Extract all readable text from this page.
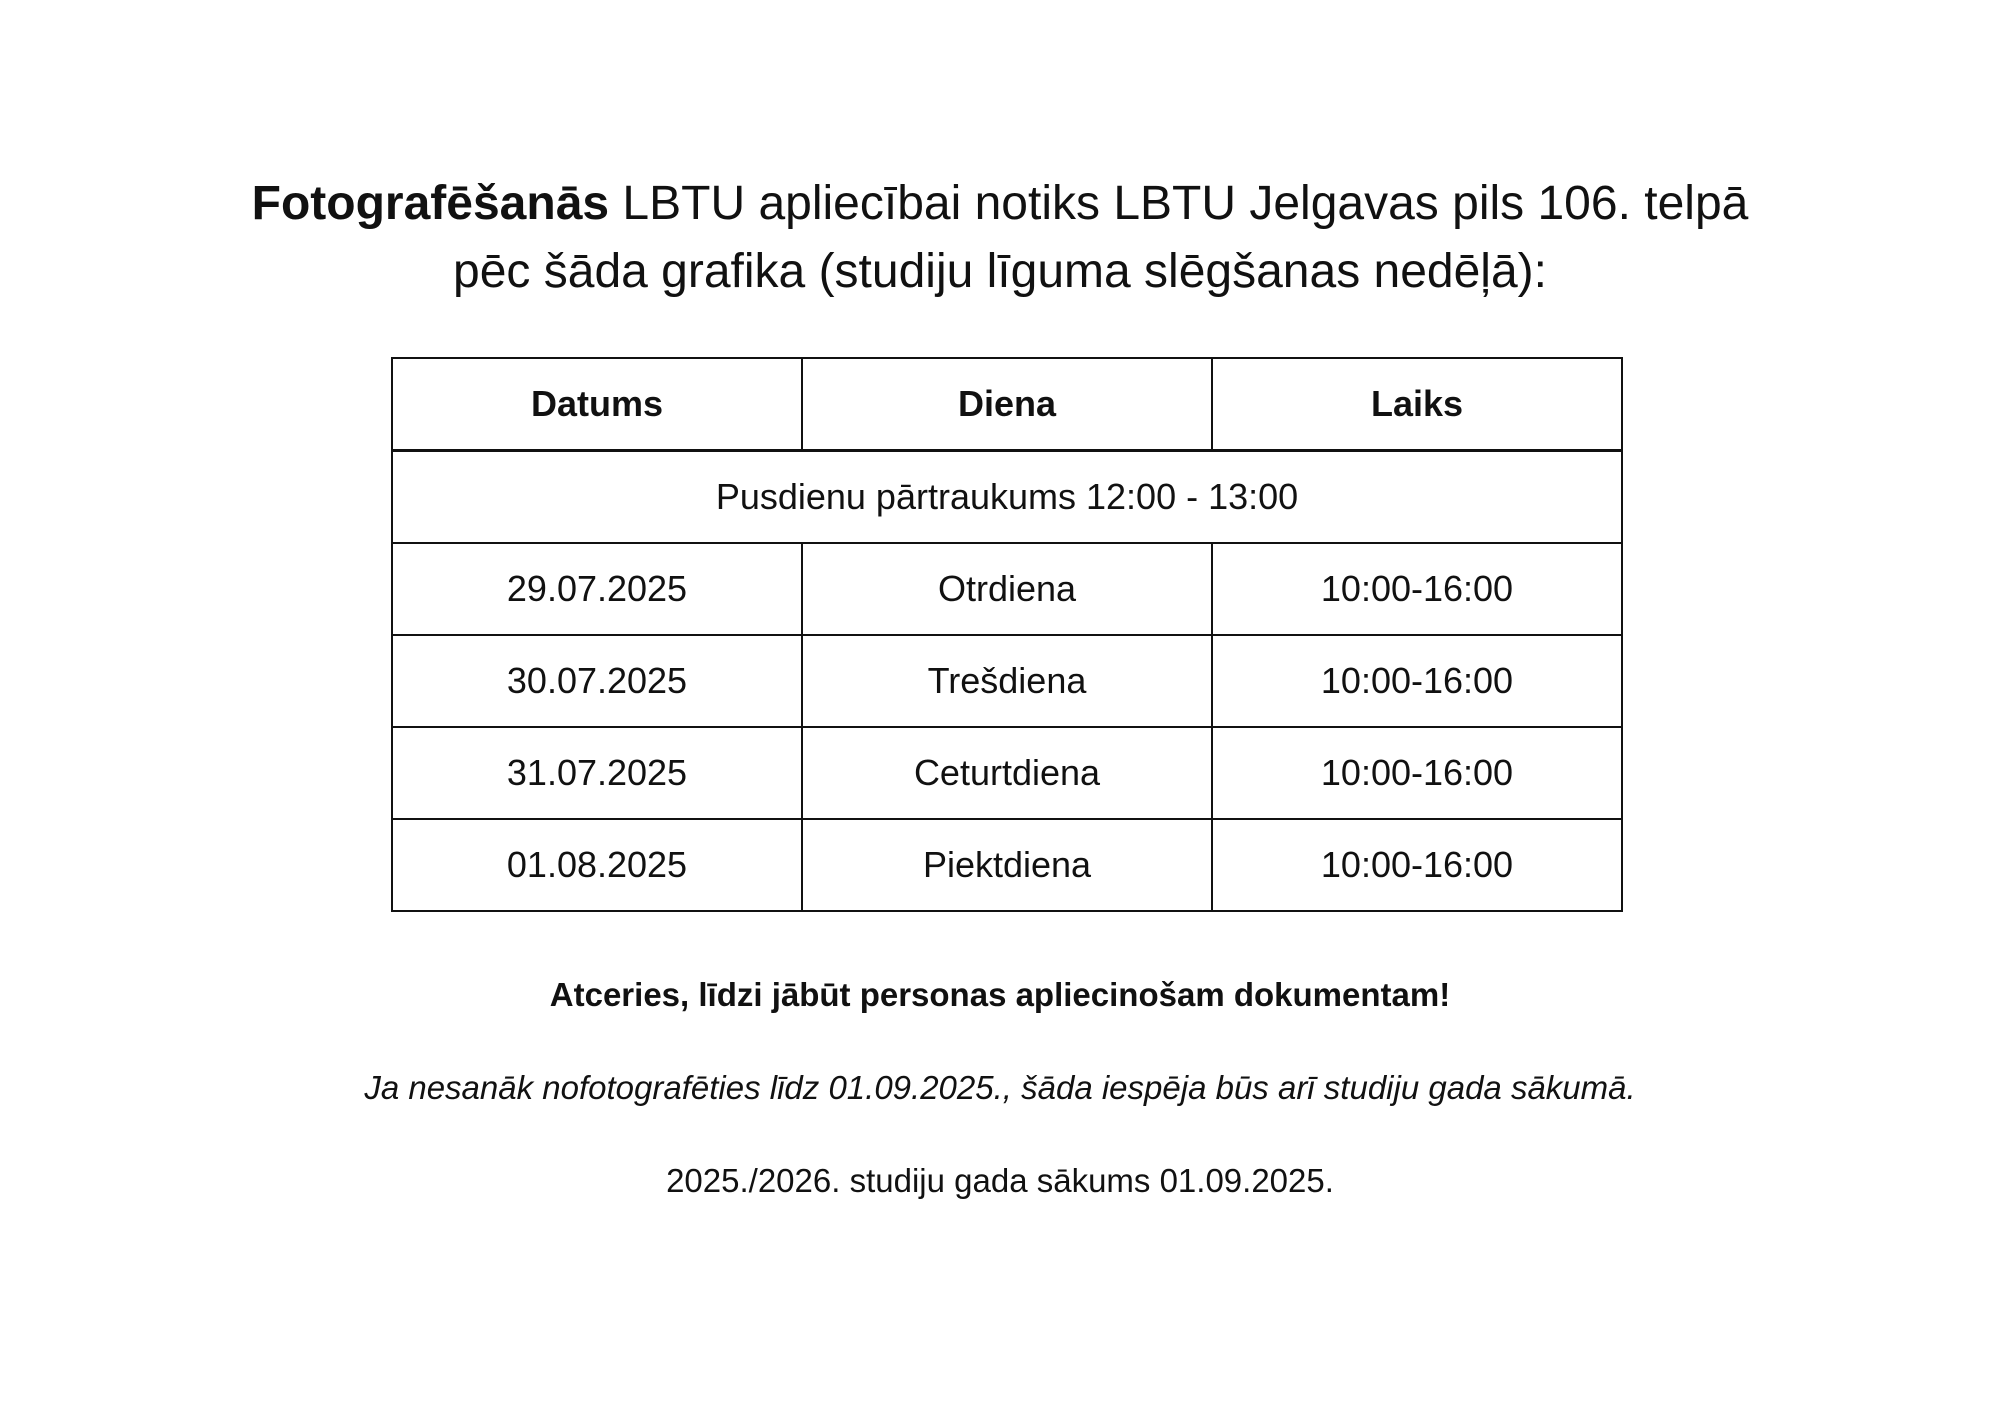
Fotografēšanās LBTU apliecībai notiks LBTU Jelgavas pils 106. telpā
pēc šāda grafika (studiju līguma slēgšanas nedēļā):
Datums	Diena	Laiks
Pusdienu pārtraukums 12:00 - 13:00		
29.07.2025	Otrdiena	10:00-16:00
30.07.2025	Trešdiena	10:00-16:00
31.07.2025	Ceturtdiena	10:00-16:00
01.08.2025	Piektdiena	10:00-16:00
Atceries, līdzi jābūt personas apliecinošam dokumentam!
Ja nesanāk nofotografēties līdz 01.09.2025., šāda iespēja būs arī studiju gada sākumā.
2025./2026. studiju gada sākums 01.09.2025.
